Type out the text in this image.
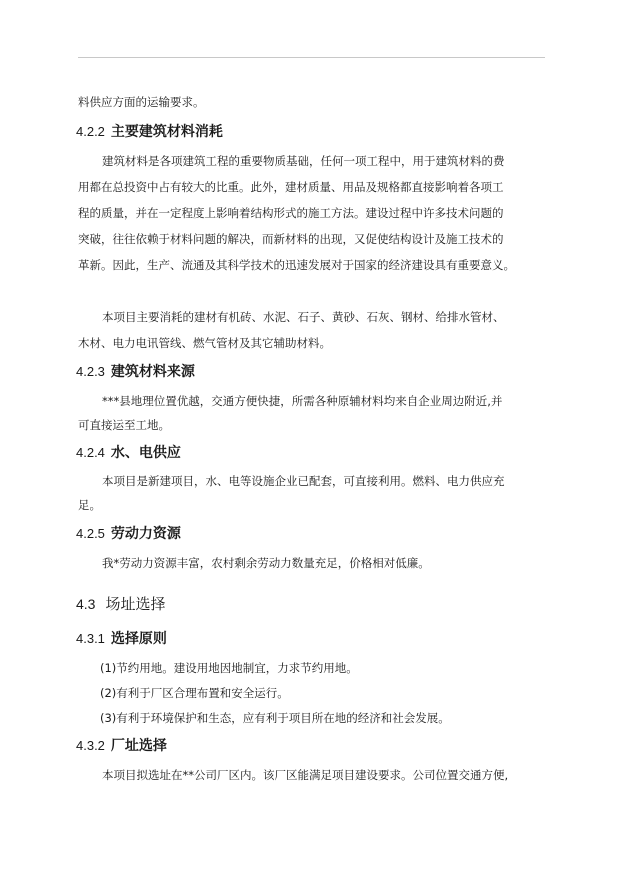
料供应方面的运输要求。
4.2.2 主要建筑材料消耗
建筑材料是各项建筑工程的重要物质基础，任何一项工程中，用于建筑材料的费
用都在总投资中占有较大的比重。此外，建材质量、用品及规格都直接影响着各项工
程的质量，并在一定程度上影响着结构形式的施工方法。建设过程中许多技术问题的
突破，往往依赖于材料问题的解决，而新材料的出现，又促使结构设计及施工技术的
革新。因此，生产、流通及其科学技术的迅速发展对于国家的经济建设具有重要意义。
本项目主要消耗的建材有机砖、水泥、石子、黄砂、石灰、钢材、给排水管材、
木材、电力电讯管线、燃气管材及其它辅助材料。
4.2.3 建筑材料来源
***县地理位置优越，交通方便快捷，所需各种原辅材料均来自企业周边附近,并
可直接运至工地。
4.2.4 水、电供应
本项目是新建项目，水、电等设施企业已配套，可直接利用。燃料、电力供应充
足。
4.2.5 劳动力资源
我*劳动力资源丰富，农村剩余劳动力数量充足，价格相对低廉。
4.3 场址选择
4.3.1 选择原则
(1)节约用地。建设用地因地制宜，力求节约用地。
(2)有利于厂区合理布置和安全运行。
(3)有利于环境保护和生态，应有利于项目所在地的经济和社会发展。
4.3.2 厂址选择
本项目拟选址在**公司厂区内。该厂区能满足项目建设要求。公司位置交通方便,
